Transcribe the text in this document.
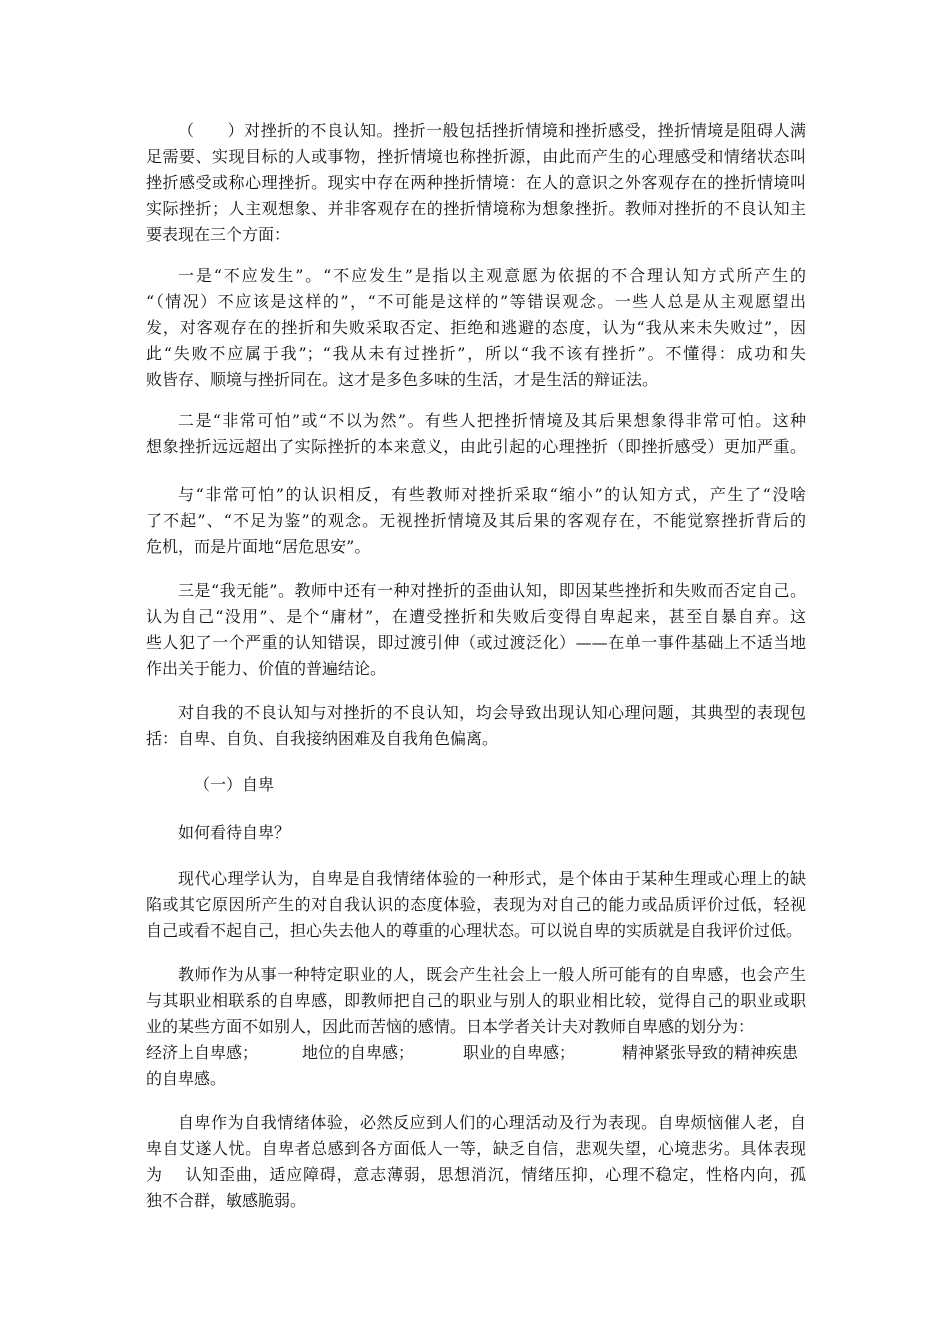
（　　）对挫折的不良认知。挫折一般包括挫折情境和挫折感受，挫折情境是阻碍人满
足需要、实现目标的人或事物，挫折情境也称挫折源，由此而产生的心理感受和情绪状态叫
挫折感受或称心理挫折。现实中存在两种挫折情境：在人的意识之外客观存在的挫折情境叫
实际挫折；人主观想象、并非客观存在的挫折情境称为想象挫折。教师对挫折的不良认知主
要表现在三个方面：
一是“不应发生”。“不应发生”是指以主观意愿为依据的不合理认知方式所产生的
“（情况）不应该是这样的”，“不可能是这样的”等错误观念。一些人总是从主观愿望出
发，对客观存在的挫折和失败采取否定、拒绝和逃避的态度，认为“我从来未失败过”，因
此“失败不应属于我”；“我从未有过挫折”，所以“我不该有挫折”。不懂得：成功和失
败皆存、顺境与挫折同在。这才是多色多味的生活，才是生活的辩证法。
二是“非常可怕”或“不以为然”。有些人把挫折情境及其后果想象得非常可怕。这种
想象挫折远远超出了实际挫折的本来意义，由此引起的心理挫折（即挫折感受）更加严重。
与“非常可怕”的认识相反，有些教师对挫折采取“缩小”的认知方式，产生了“没啥
了不起”、“不足为鉴”的观念。无视挫折情境及其后果的客观存在，不能觉察挫折背后的
危机，而是片面地“居危思安”。
三是“我无能”。教师中还有一种对挫折的歪曲认知，即因某些挫折和失败而否定自己。
认为自己“没用”、是个“庸材”，在遭受挫折和失败后变得自卑起来，甚至自暴自弃。这
些人犯了一个严重的认知错误，即过渡引伸（或过渡泛化）——在单一事件基础上不适当地
作出关于能力、价值的普遍结论。
对自我的不良认知与对挫折的不良认知，均会导致出现认知心理问题，其典型的表现包
括：自卑、自负、自我接纳困难及自我角色偏离。
（一）自卑
如何看待自卑？
现代心理学认为，自卑是自我情绪体验的一种形式，是个体由于某种生理或心理上的缺
陷或其它原因所产生的对自我认识的态度体验，表现为对自己的能力或品质评价过低，轻视
自己或看不起自己，担心失去他人的尊重的心理状态。可以说自卑的实质就是自我评价过低。
教师作为从事一种特定职业的人，既会产生社会上一般人所可能有的自卑感，也会产生
与其职业相联系的自卑感，即教师把自己的职业与别人的职业相比较，觉得自己的职业或职
业的某些方面不如别人，因此而苦恼的感情。日本学者关计夫对教师自卑感的划分为：
经济上自卑感；	地位的自卑感；	职业的自卑感；	精神紧张导致的精神疾患
的自卑感。
自卑作为自我情绪体验，必然反应到人们的心理活动及行为表现。自卑烦恼催人老，自
卑自艾遂人忧。自卑者总感到各方面低人一等，缺乏自信，悲观失望，心境悲劣。具体表现
为　 认知歪曲，适应障碍，意志薄弱，思想消沉，情绪压抑，心理不稳定，性格内向，孤
独不合群，敏感脆弱。
